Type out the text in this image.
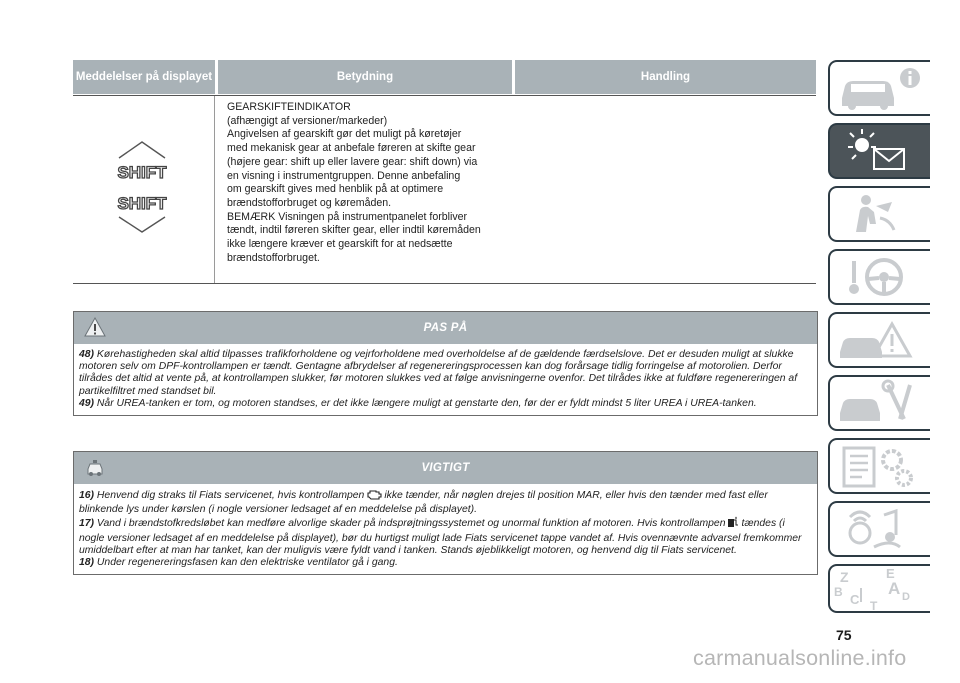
Meddelelser på displayet	Betydning	Handling
SHIFT
SHIFT
GEARSKIFTEINDIKATOR
(afhængigt af versioner/markeder)
Angivelsen af gearskift gør det muligt på køretøjer
med mekanisk gear at anbefale føreren at skifte gear
(højere gear: shift up eller lavere gear: shift down) via
en visning i instrumentgruppen. Denne anbefaling
om gearskift gives med henblik på at optimere
brændstofforbruget og køremåden.
BEMÆRK Visningen på instrumentpanelet forbliver
tændt, indtil føreren skifter gear, eller indtil køremåden
ikke længere kræver et gearskift for at nedsætte
brændstofforbruget.
PAS PÅ

48) Kørehastigheden skal altid tilpasses trafikforholdene og vejrforholdene med overholdelse af de gældende færdselslove. Det er desuden muligt at slukke motoren selv om DPF-kontrollampen er tændt. Gentagne afbrydelser af regenereringsprocessen kan dog forårsage tidlig forringelse af motorolien. Derfor tilrådes det altid at vente på, at kontrollampen slukker, før motoren slukkes ved at følge anvisningerne ovenfor. Det tilrådes ikke at fuldføre regenereringen af partikelfiltret med standset bil.

49) Når UREA-tanken er tom, og motoren standses, er det ikke længere muligt at genstarte den, før der er fyldt mindst 5 liter UREA i UREA-tanken.

VIGTIGT

16) Henvend dig straks til Fiats servicenet, hvis kontrollampen ikke tænder, når nøglen drejes til position MAR, eller hvis den tænder med fast eller blinkende lys under kørslen (i nogle versioner ledsaget af en meddelelse på displayet).

17) Vand i brændstofkredsløbet kan medføre alvorlige skader på indsprøjtningssystemet og unormal funktion af motoren. Hvis kontrollampen tændes (i nogle versioner ledsaget af en meddelelse på displayet), bør du hurtigst muligt lade Fiats servicenet tappe vandet af. Hvis ovennævnte advarsel fremkommer umiddelbart efter at man har tanket, kan der muligvis være fyldt vand i tanken. Stands øjeblikkeligt motoren, og henvend dig til Fiats servicenet.

18) Under regenereringsfasen kan den elektriske ventilator gå i gang.

Z	E
B	A
C	D
T
75
carmanualsonline.info
